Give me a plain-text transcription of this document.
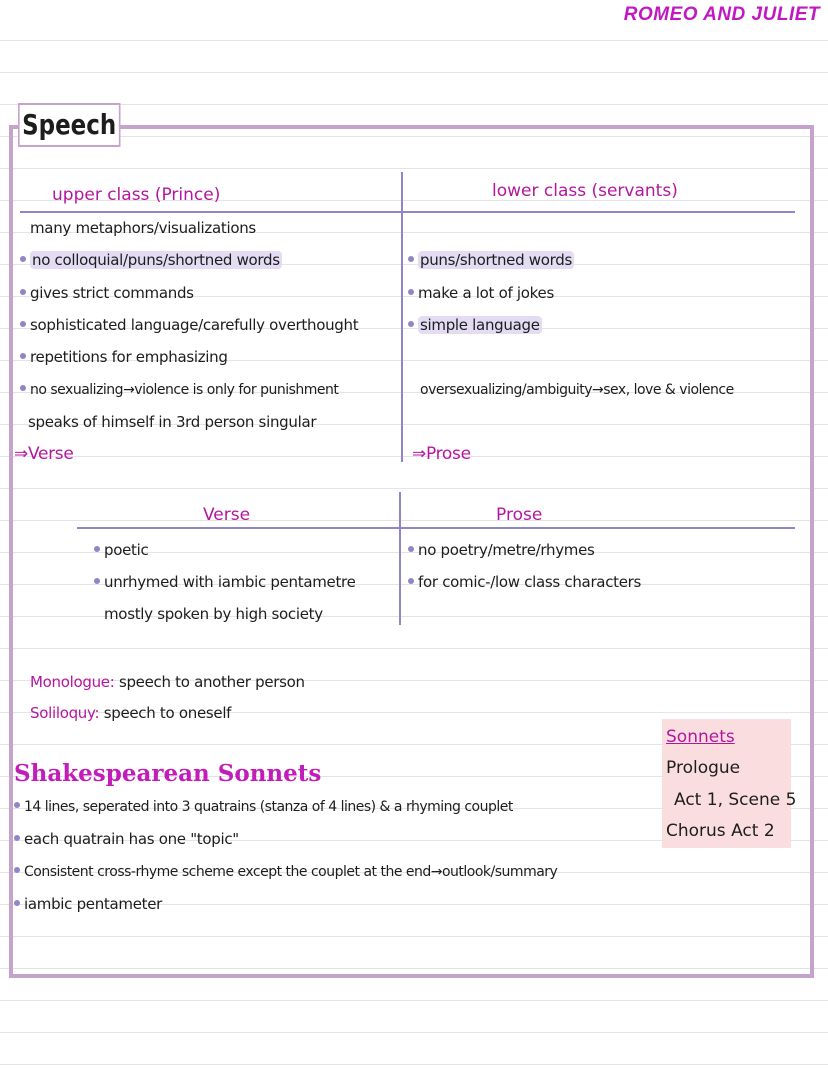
ROMEO AND JULIET
Speech
upper class (Prince)	lower class (servants)
many metaphors/visualizations
no colloquial/puns/shortned words
gives strict commands
sophisticated language/carefully overthought
repetitions for emphasizing
no sexualizing→violence is only for punishment
speaks of himself in 3rd person singular
⇒Verse
puns/shortned words
make a lot of jokes
simple language
oversexualizing/ambiguity→sex, love & violence
⇒Prose
Verse	Prose
poetic
unrhymed with iambic pentametre
mostly spoken by high society
no poetry/metre/rhymes
for comic-/low class characters
Monologue: speech to another person
Soliloquy: speech to oneself
Shakespearean Sonnets
14 lines, seperated into 3 quatrains (stanza of 4 lines) & a rhyming couplet
each quatrain has one "topic"
Consistent cross-rhyme scheme except the couplet at the end→outlook/summary
iambic pentameter
Sonnets
Prologue
Act 1, Scene 5
Chorus Act 2
